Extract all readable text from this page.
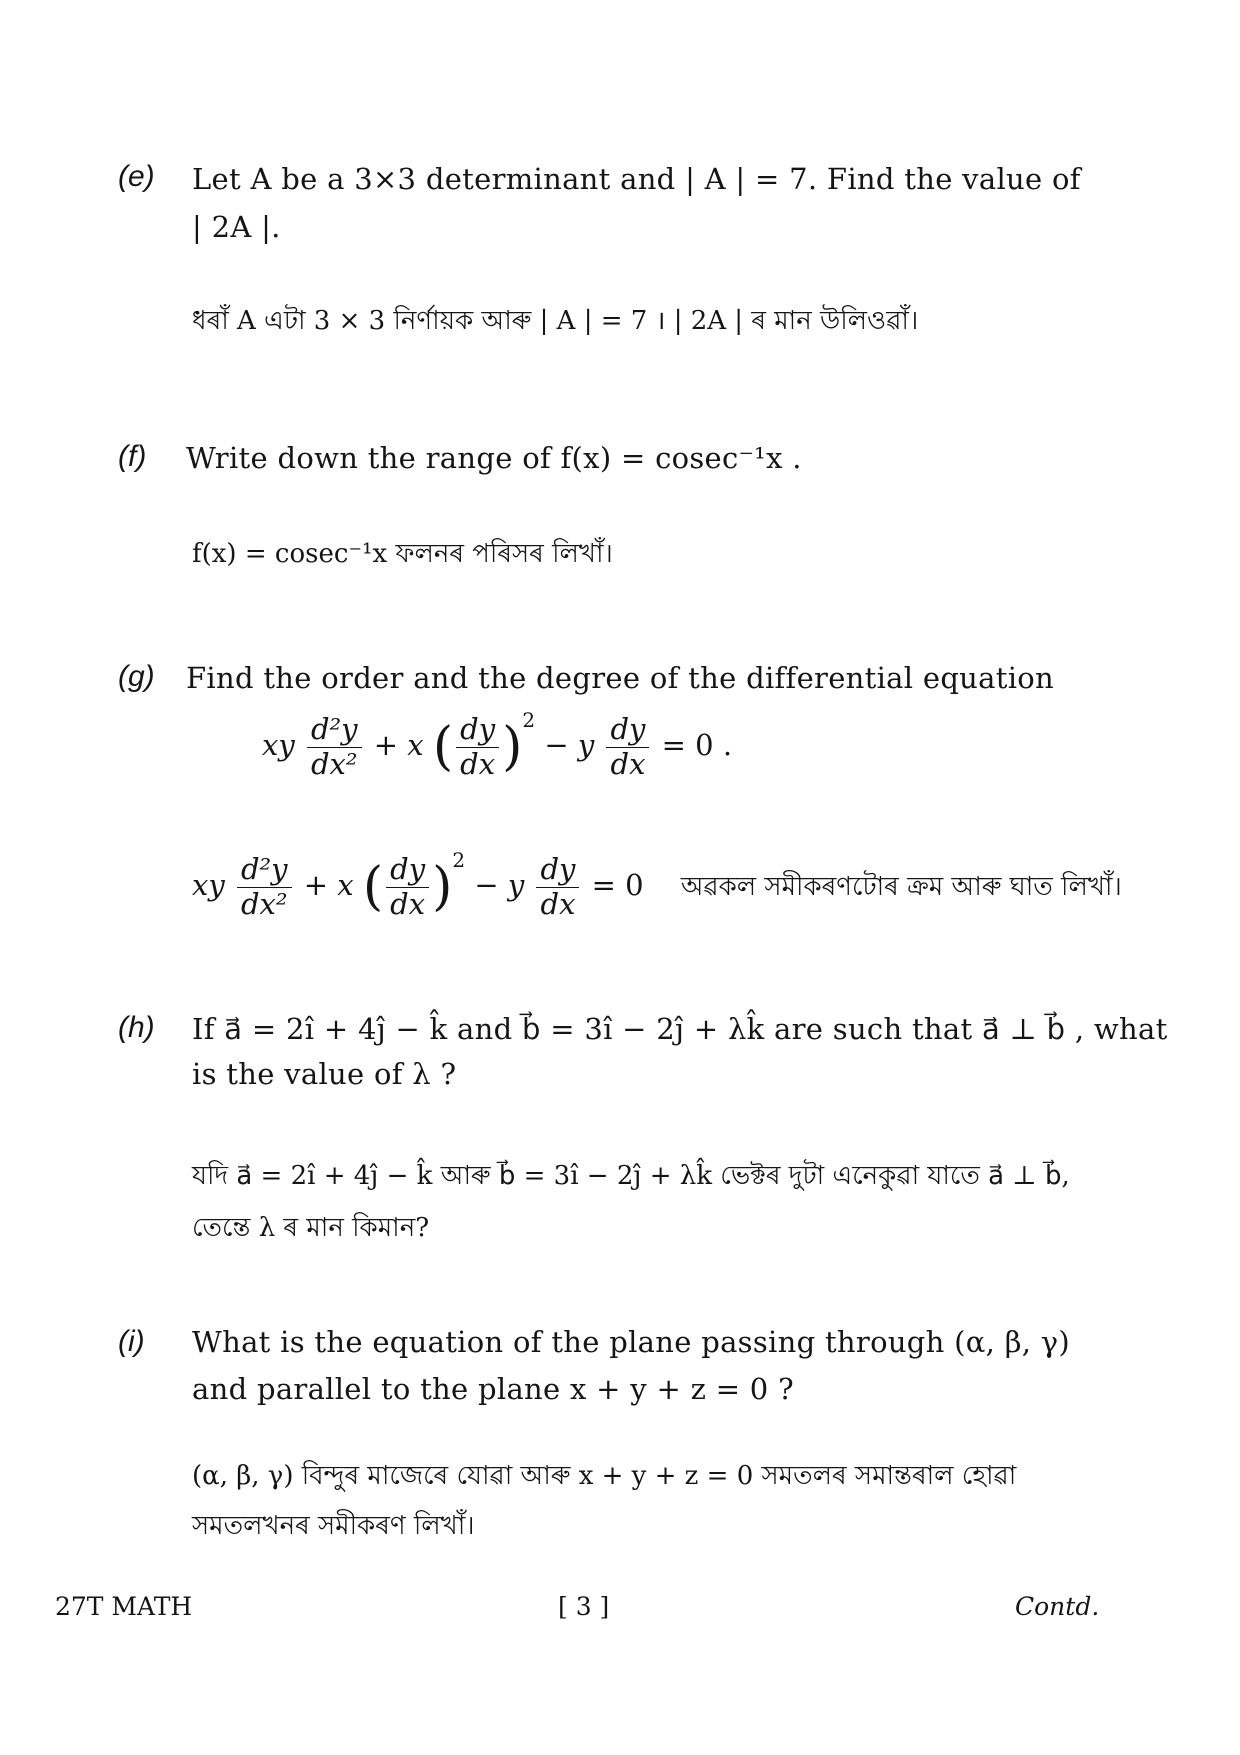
(e) Let A be a 3×3 determinant and | A | = 7. Find the value of
| 2A |.
ধৰাঁ A এটা 3 × 3 নিৰ্ণায়ক আৰু | A | = 7 । | 2A | ৰ মান উলিওৱাঁ।
(f) Write down the range of f(x) = cosec⁻¹x .
f(x) = cosec⁻¹x ফলনৰ পৰিসৰ লিখাঁ।
(g) Find the order and the degree of the differential equation
xy $\frac{\text{d²y}}{\text{dx²}} + x$ ( $\frac{dy}{dx} )^2 - y \frac{dy}{dx} = 0$ .
xy $\frac{\text{d²y}}{\text{dx²}} + x$ ( $\frac{dy}{dx} )^2 - y \frac{dy}{dx} = 0$ অৱকল সমীকৰণটোৰ ক্ৰম আৰু ঘাত লিখাঁ।
(h) If a⃗ = 2î + 4ĵ − k̂ and b⃗ = 3î − 2ĵ + λk̂ are such that a⃗ ⊥ b⃗ , what
is the value of λ ?
যদি a⃗ = 2î + 4ĵ − k̂ আৰু b⃗ = 3î − 2ĵ + λk̂ ভেক্টৰ দুটা এনেকুৱা যাতে a⃗ ⊥ b⃗,
তেন্তে λ ৰ মান কিমান?
(i) What is the equation of the plane passing through (α, β, γ)
and parallel to the plane x + y + z = 0 ?
(α, β, γ) বিন্দুৰ মাজেৰে যোৱা আৰু x + y + z = 0 সমতলৰ সমান্তৰাল হোৱা
সমতলখনৰ সমীকৰণ লিখাঁ।
27T MATH	[ 3 ]	Contd.
